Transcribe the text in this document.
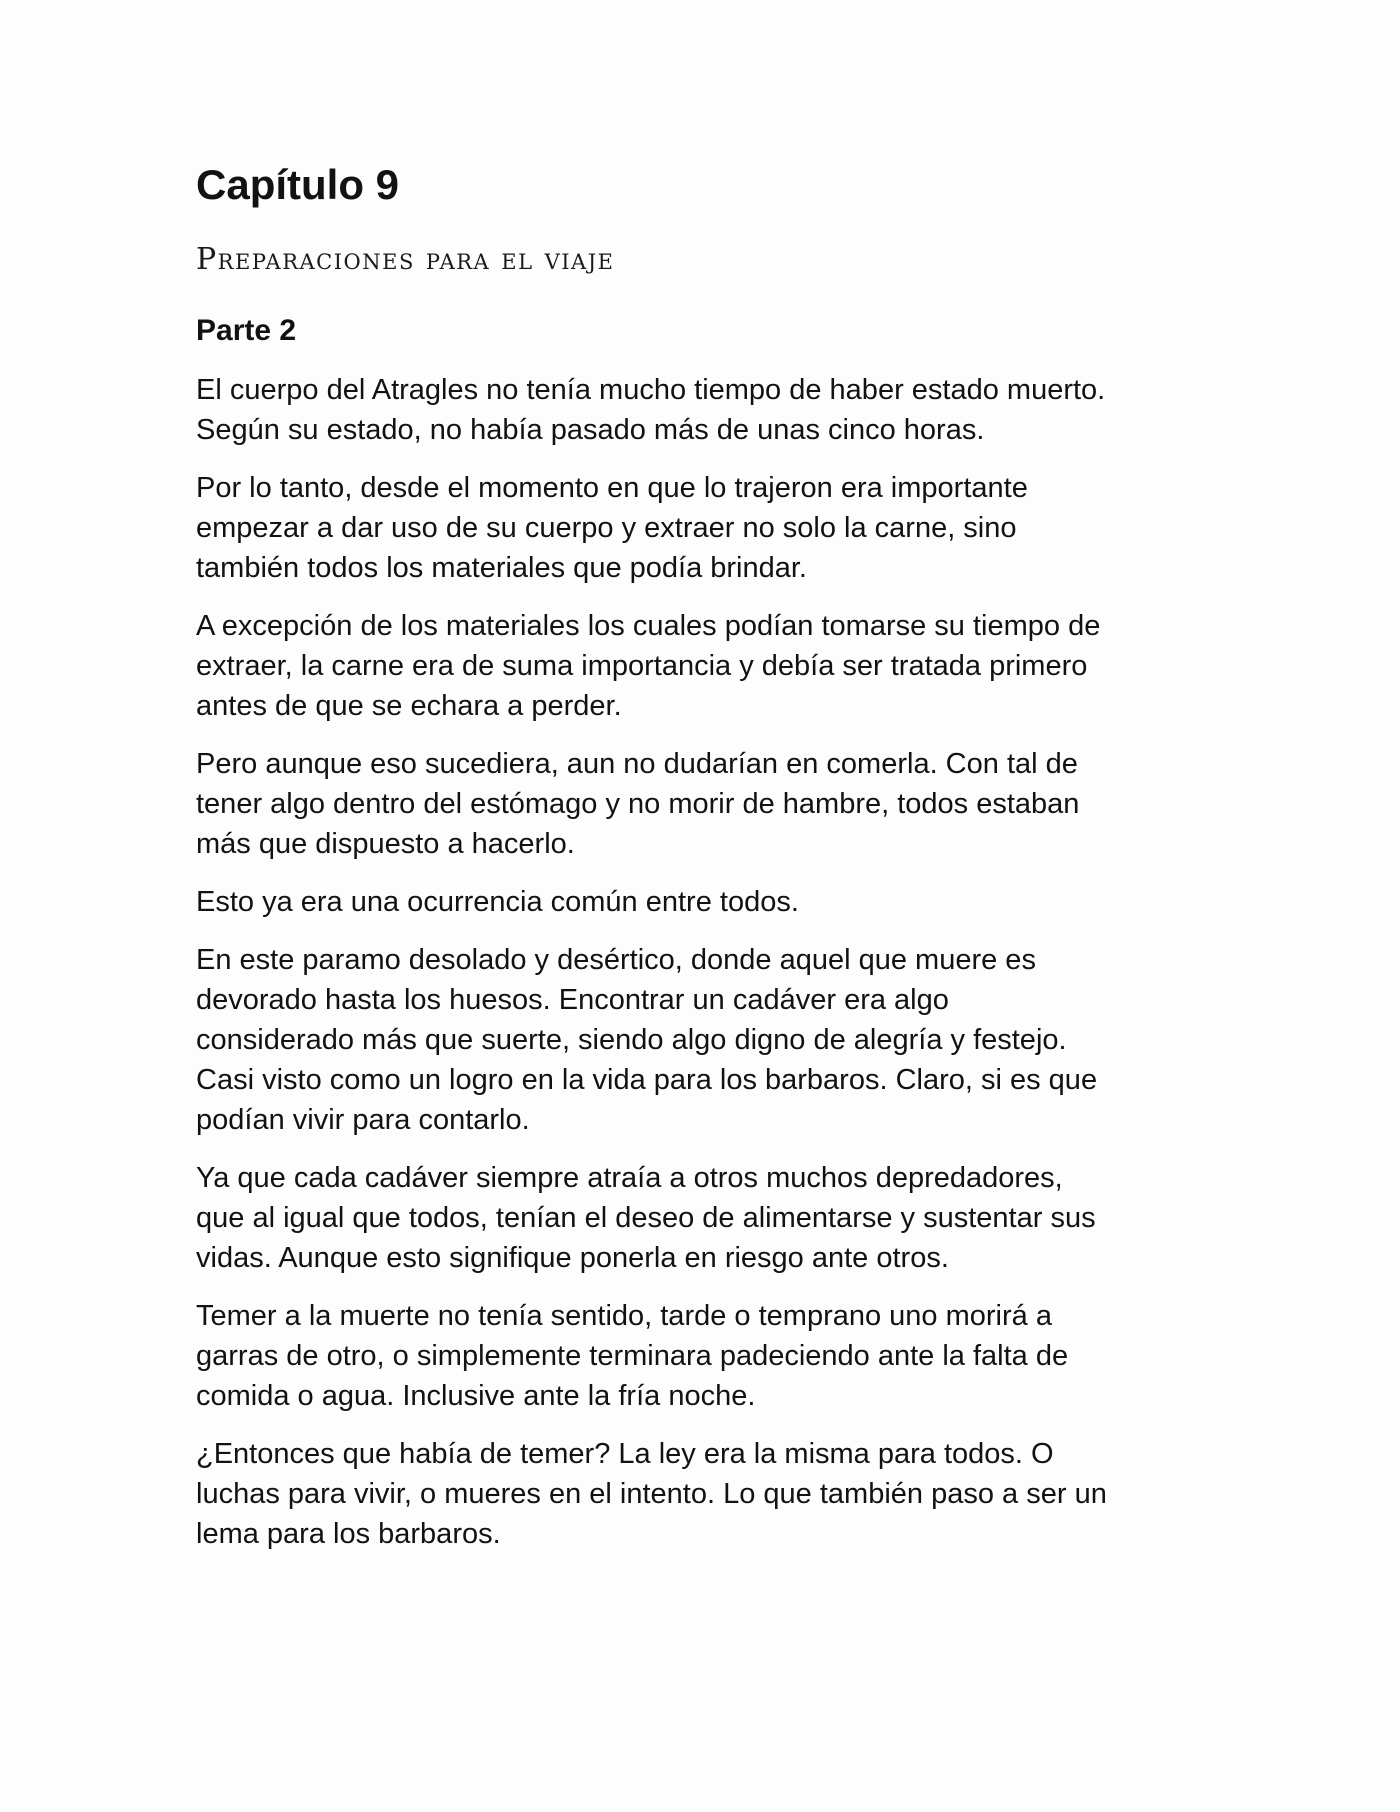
Capítulo 9
Preparaciones para el viaje
Parte 2

El cuerpo del Atragles no tenía mucho tiempo de haber estado muerto.
Según su estado, no había pasado más de unas cinco horas.

Por lo tanto, desde el momento en que lo trajeron era importante
empezar a dar uso de su cuerpo y extraer no solo la carne, sino
también todos los materiales que podía brindar.

A excepción de los materiales los cuales podían tomarse su tiempo de
extraer, la carne era de suma importancia y debía ser tratada primero
antes de que se echara a perder.

Pero aunque eso sucediera, aun no dudarían en comerla. Con tal de
tener algo dentro del estómago y no morir de hambre, todos estaban
más que dispuesto a hacerlo.

Esto ya era una ocurrencia común entre todos.

En este paramo desolado y desértico, donde aquel que muere es
devorado hasta los huesos. Encontrar un cadáver era algo
considerado más que suerte, siendo algo digno de alegría y festejo.
Casi visto como un logro en la vida para los barbaros. Claro, si es que
podían vivir para contarlo.

Ya que cada cadáver siempre atraía a otros muchos depredadores,
que al igual que todos, tenían el deseo de alimentarse y sustentar sus
vidas. Aunque esto signifique ponerla en riesgo ante otros.

Temer a la muerte no tenía sentido, tarde o temprano uno morirá a
garras de otro, o simplemente terminara padeciendo ante la falta de
comida o agua. Inclusive ante la fría noche.

¿Entonces que había de temer? La ley era la misma para todos. O
luchas para vivir, o mueres en el intento. Lo que también paso a ser un
lema para los barbaros.
